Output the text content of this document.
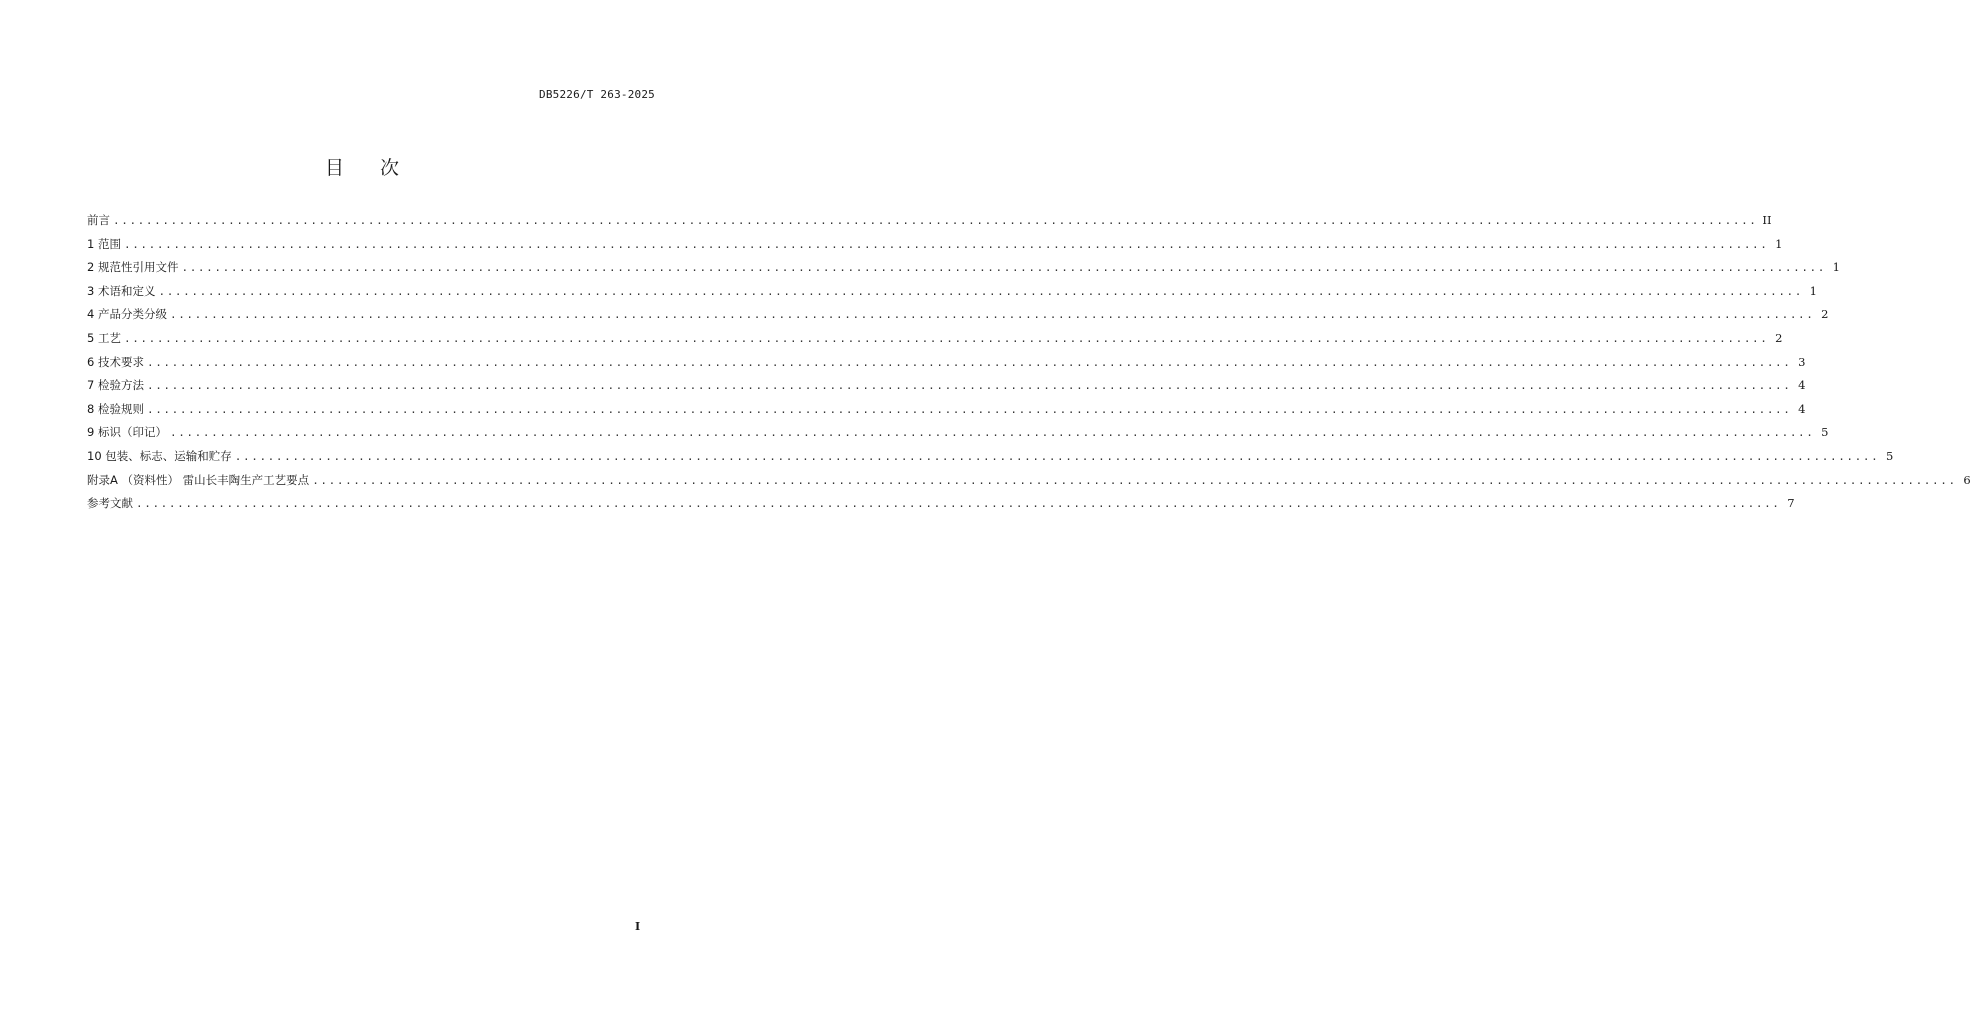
DB5226/T 263-2025
目 次
前言 ........................................................................................................................................................................................................ II
1 范围 ........................................................................................................................................................................................................ 1
2 规范性引用文件 ........................................................................................................................................................................................................ 1
3 术语和定义 ........................................................................................................................................................................................................ 1
4 产品分类分级 ........................................................................................................................................................................................................ 2
5 工艺 ........................................................................................................................................................................................................ 2
6 技术要求 ........................................................................................................................................................................................................ 3
7 检验方法 ........................................................................................................................................................................................................ 4
8 检验规则 ........................................................................................................................................................................................................ 4
9 标识（印记） ........................................................................................................................................................................................................ 5
10 包装、标志、运输和贮存 ........................................................................................................................................................................................................ 5
附录A （资料性） 雷山长丰陶生产工艺要点 ........................................................................................................................................................................................................ 6
参考文献 ........................................................................................................................................................................................................ 7
I
